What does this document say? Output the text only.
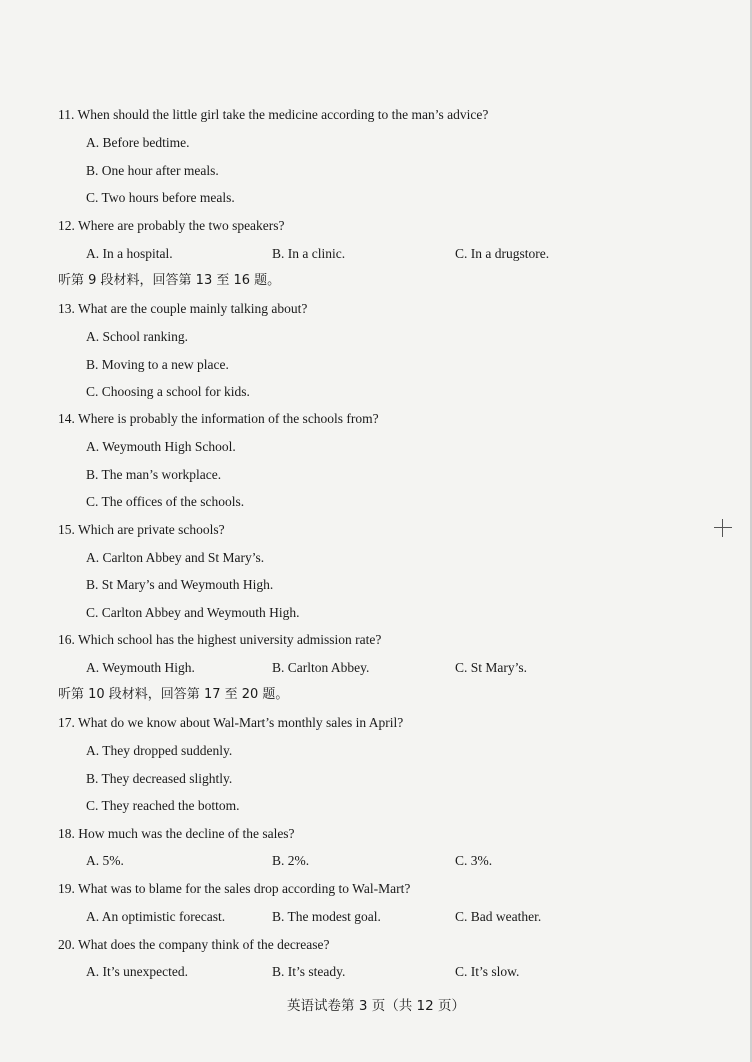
11. When should the little girl take the medicine according to the man’s advice?
A. Before bedtime.
B. One hour after meals.
C. Two hours before meals.
12. Where are probably the two speakers?
A. In a hospital.	B. In a clinic.	C. In a drugstore.
听第 9 段材料，回答第 13 至 16 题。
13. What are the couple mainly talking about?
A. School ranking.
B. Moving to a new place.
C. Choosing a school for kids.
14. Where is probably the information of the schools from?
A. Weymouth High School.
B. The man’s workplace.
C. The offices of the schools.
15. Which are private schools?
A. Carlton Abbey and St Mary’s.
B. St Mary’s and Weymouth High.
C. Carlton Abbey and Weymouth High.
16. Which school has the highest university admission rate?
A. Weymouth High.	B. Carlton Abbey.	C. St Mary’s.
听第 10 段材料，回答第 17 至 20 题。
17. What do we know about Wal-Mart’s monthly sales in April?
A. They dropped suddenly.
B. They decreased slightly.
C. They reached the bottom.
18. How much was the decline of the sales?
A. 5%.	B. 2%.	C. 3%.
19. What was to blame for the sales drop according to Wal-Mart?
A. An optimistic forecast.	B. The modest goal.	C. Bad weather.
20. What does the company think of the decrease?
A. It’s unexpected.	B. It’s steady.	C. It’s slow.
英语试卷第 3 页（共 12 页）
